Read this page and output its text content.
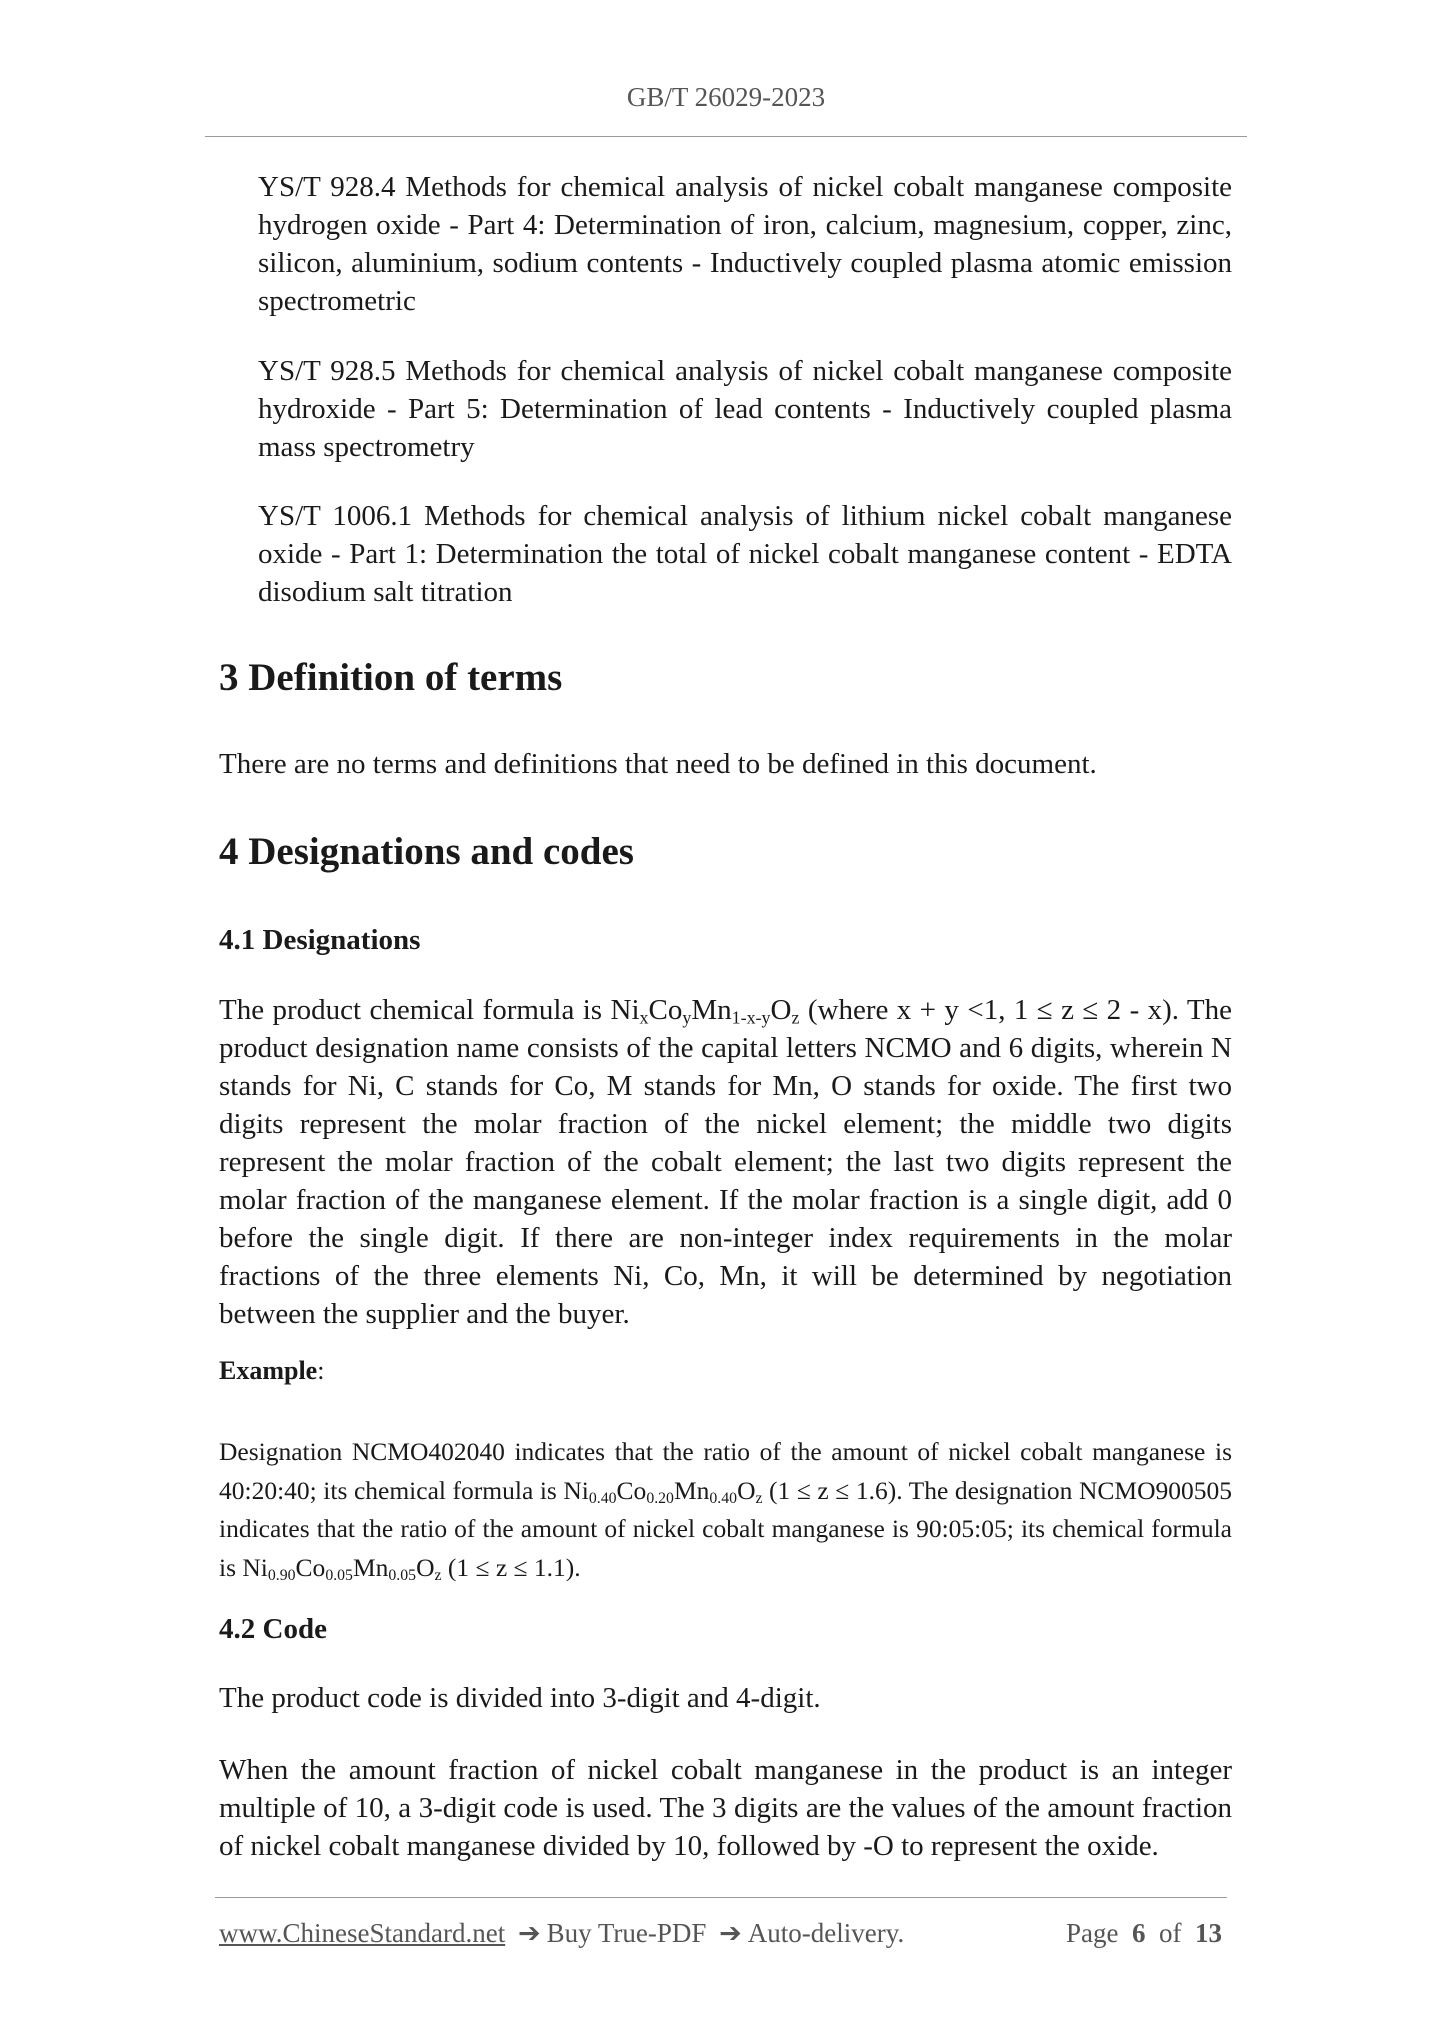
GB/T 26029-2023

YS/T 928.4 Methods for chemical analysis of nickel cobalt manganese composite hydrogen oxide - Part 4: Determination of iron, calcium, magnesium, copper, zinc, silicon, aluminium, sodium contents - Inductively coupled plasma atomic emission spectrometric

YS/T 928.5 Methods for chemical analysis of nickel cobalt manganese composite hydroxide - Part 5: Determination of lead contents - Inductively coupled plasma mass spectrometry

YS/T 1006.1 Methods for chemical analysis of lithium nickel cobalt manganese oxide - Part 1: Determination the total of nickel cobalt manganese content - EDTA disodium salt titration

3 Definition of terms

There are no terms and definitions that need to be defined in this document.

4 Designations and codes
4.1 Designations

The product chemical formula is $Ni_xCo_yMn_{1-x-y}O_z$ (where x + y <1, 1 ≤ z ≤ 2 - x). The product designation name consists of the capital letters NCMO and 6 digits, wherein N stands for Ni, C stands for Co, M stands for Mn, O stands for oxide. The first two digits represent the molar fraction of the nickel element; the middle two digits represent the molar fraction of the cobalt element; the last two digits represent the molar fraction of the manganese element. If the molar fraction is a single digit, add 0 before the single digit. If there are non-integer index requirements in the molar fractions of the three elements Ni, Co, Mn, it will be determined by negotiation between the supplier and the buyer.

Example:

Designation NCMO402040 indicates that the ratio of the amount of nickel cobalt manganese is 40:20:40; its chemical formula is $Ni_{0.40}Co_{0.20}Mn_{0.40}O_z$ (1 ≤ z ≤ 1.6). The designation NCMO900505 indicates that the ratio of the amount of nickel cobalt manganese is 90:05:05; its chemical formula is $Ni_{0.90}Co_{0.05}Mn_{0.05}O_z$ (1 ≤ z ≤ 1.1).

4.2 Code

The product code is divided into 3-digit and 4-digit.

When the amount fraction of nickel cobalt manganese in the product is an integer multiple of 10, a 3-digit code is used. The 3 digits are the values of the amount fraction of nickel cobalt manganese divided by 10, followed by -O to represent the oxide.

www.ChineseStandard.net ➔ Buy True-PDF ➔ Auto-delivery.	Page 6 of 13
